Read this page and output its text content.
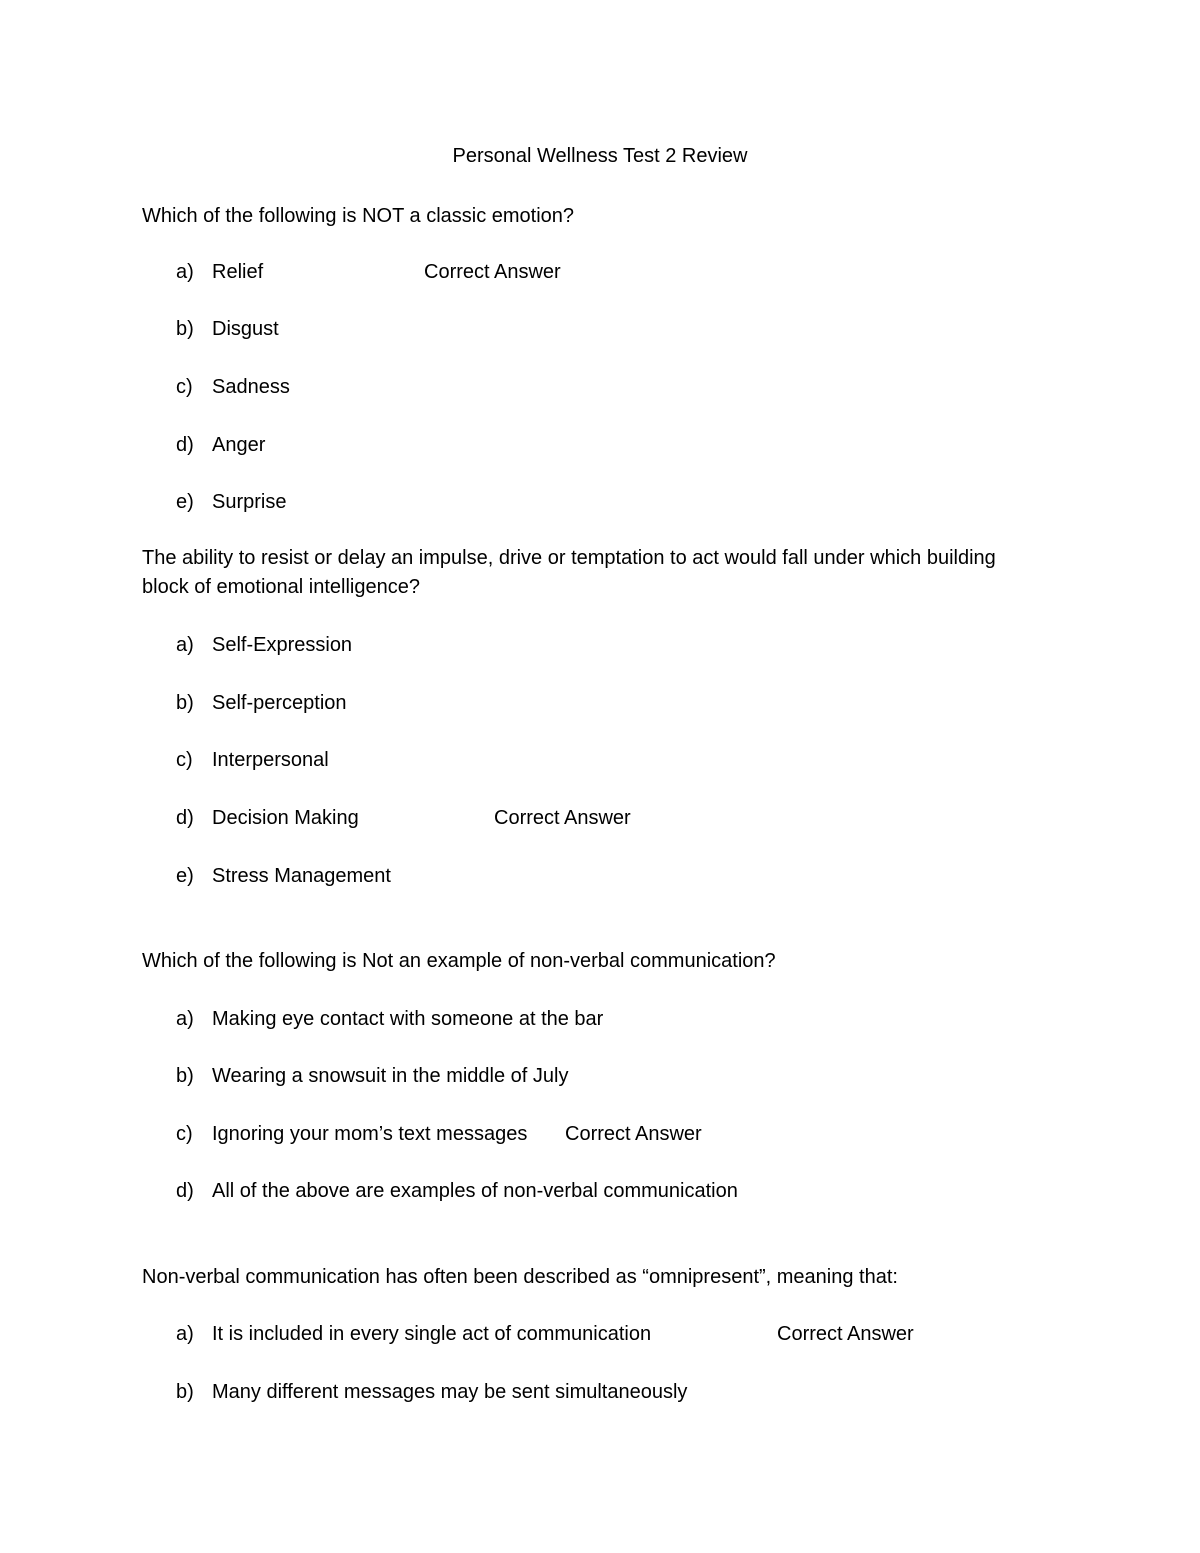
Personal Wellness Test 2 Review
Which of the following is NOT a classic emotion?
a) Relief	Correct Answer
b) Disgust
c) Sadness
d) Anger
e) Surprise
The ability to resist or delay an impulse, drive or temptation to act would fall under which building block of emotional intelligence?
a) Self-Expression
b) Self-perception
c) Interpersonal
d) Decision Making	Correct Answer
e) Stress Management
Which of the following is Not an example of non-verbal communication?
a) Making eye contact with someone at the bar
b) Wearing a snowsuit in the middle of July
c) Ignoring your mom’s text messages Correct Answer
d) All of the above are examples of non-verbal communication
Non-verbal communication has often been described as “omnipresent”, meaning that:
a) It is included in every single act of communication	Correct Answer
b) Many different messages may be sent simultaneously
